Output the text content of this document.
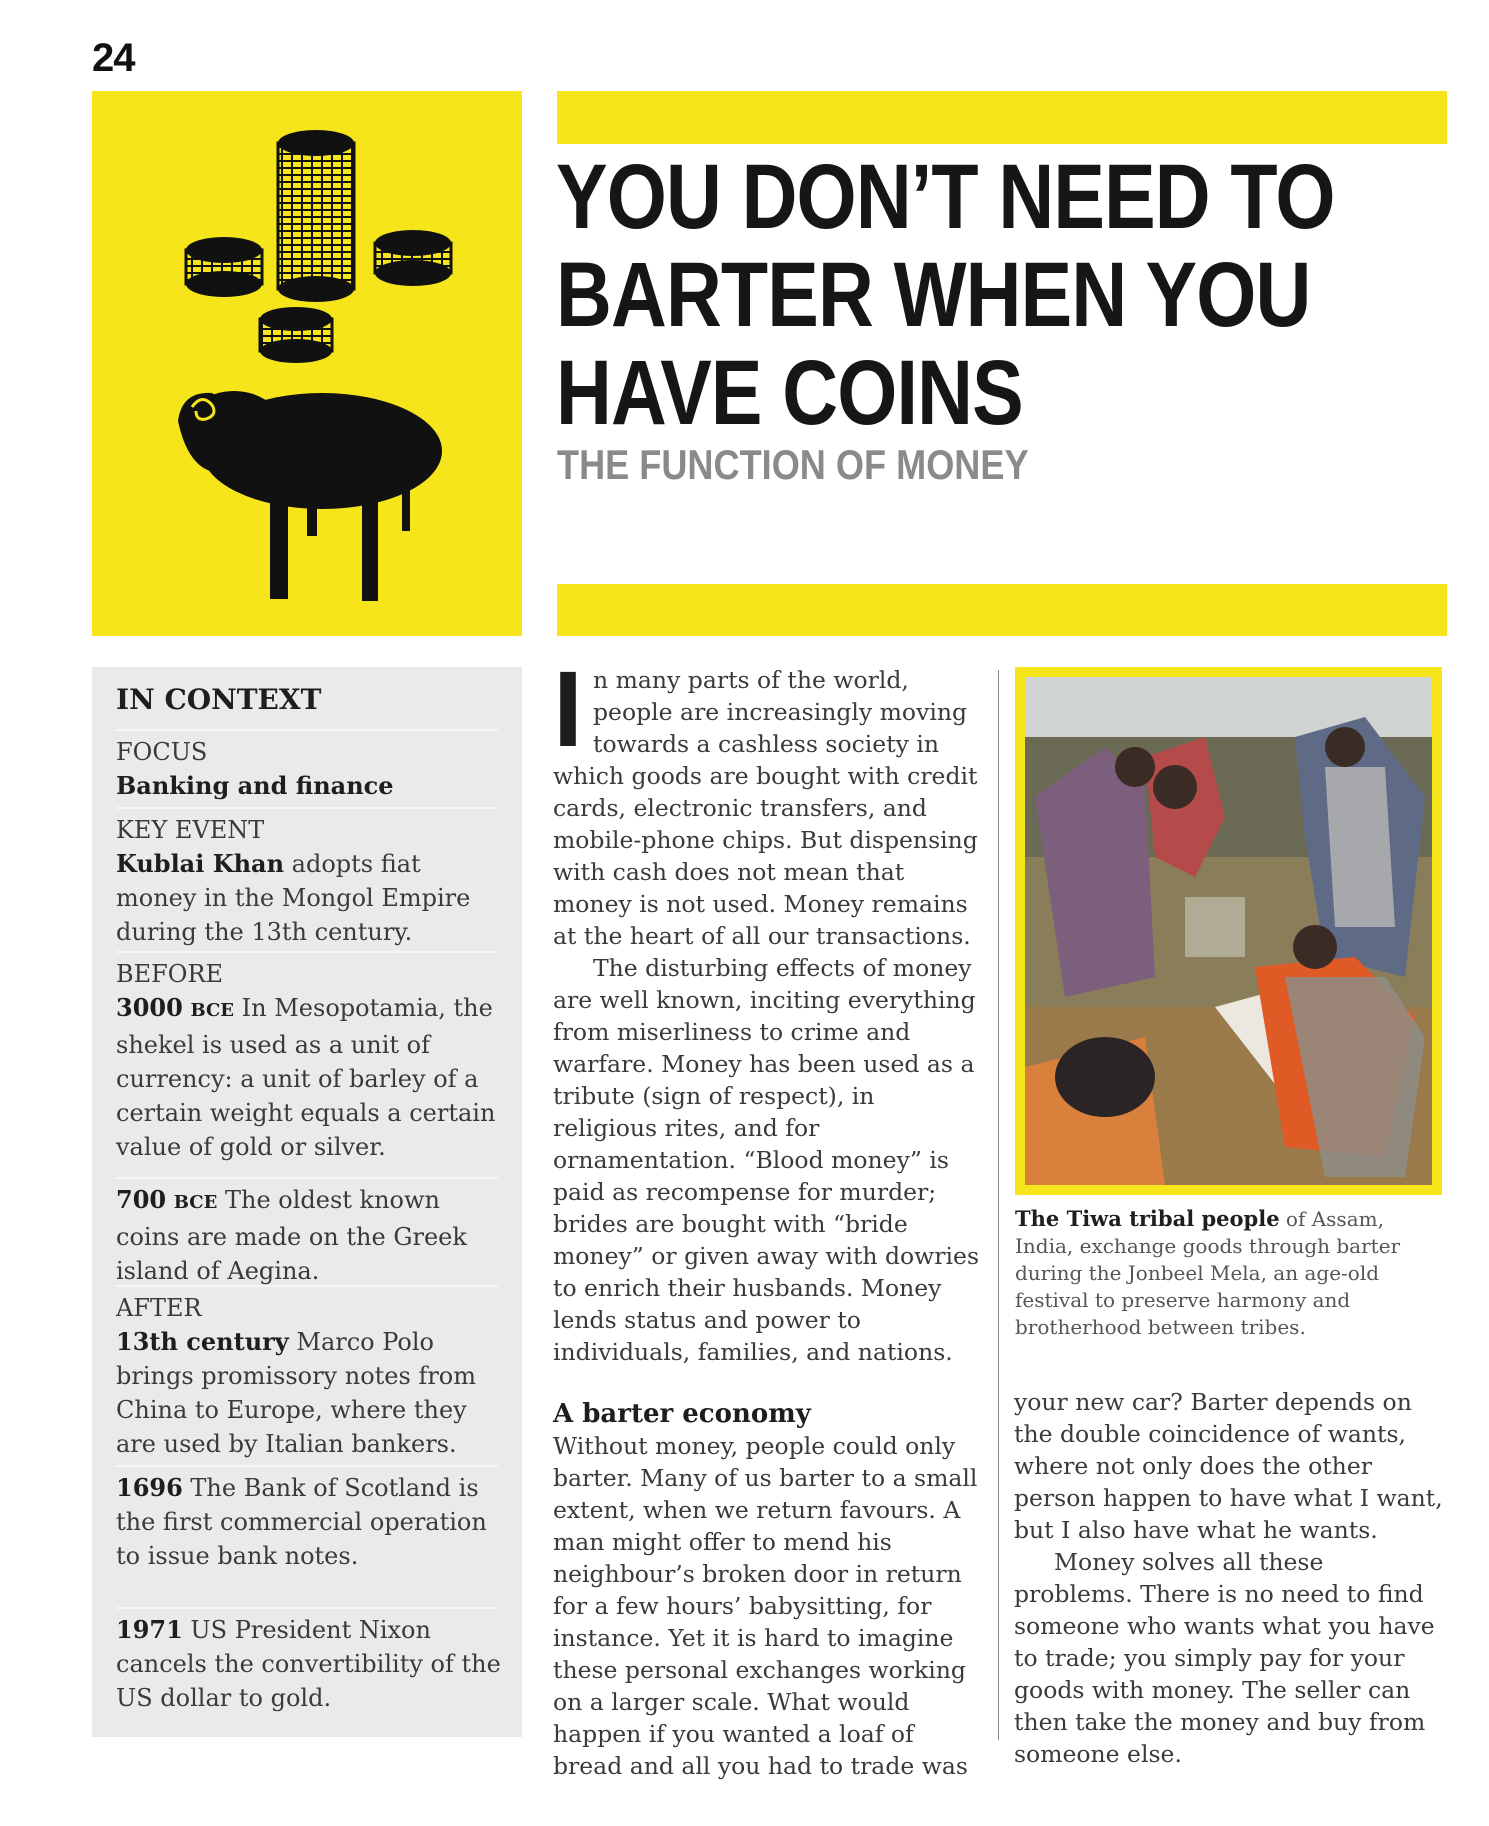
24
YOU DON’T NEED TO
BARTER WHEN YOU
HAVE COINS
THE FUNCTION OF MONEY
IN CONTEXT
FOCUS
Banking and finance
KEY EVENT
Kublai Khan adopts fiat money in the Mongol Empire during the 13th century.
BEFORE
3000 BCE In Mesopotamia, the shekel is used as a unit of currency: a unit of barley of a certain weight equals a certain value of gold or silver.
700 BCE The oldest known coins are made on the Greek island of Aegina.
AFTER
13th century Marco Polo brings promissory notes from China to Europe, where they are used by Italian bankers.
1696 The Bank of Scotland is the first commercial operation to issue bank notes.
1971 US President Nixon cancels the convertibility of the US dollar to gold.

In many parts of the world, people are increasingly moving towards a cashless society in which goods are bought with credit cards, electronic transfers, and mobile-phone chips. But dispensing with cash does not mean that money is not used. Money remains at the heart of all our transactions.

The disturbing effects of money are well known, inciting everything from miserliness to crime and warfare. Money has been used as a tribute (sign of respect), in religious rites, and for ornamentation. “Blood money” is paid as recompense for murder; brides are bought with “bride money” or given away with dowries to enrich their husbands. Money lends status and power to individuals, families, and nations.

A barter economy

Without money, people could only barter. Many of us barter to a small extent, when we return favours. A man might offer to mend his neighbour’s broken door in return for a few hours’ babysitting, for instance. Yet it is hard to imagine these personal exchanges working on a larger scale. What would happen if you wanted a loaf of bread and all you had to trade was

The Tiwa tribal people of Assam, India, exchange goods through barter during the Jonbeel Mela, an age-old festival to preserve harmony and brotherhood between tribes.

your new car? Barter depends on the double coincidence of wants, where not only does the other person happen to have what I want, but I also have what he wants.

Money solves all these problems. There is no need to find someone who wants what you have to trade; you simply pay for your goods with money. The seller can then take the money and buy from someone else.
